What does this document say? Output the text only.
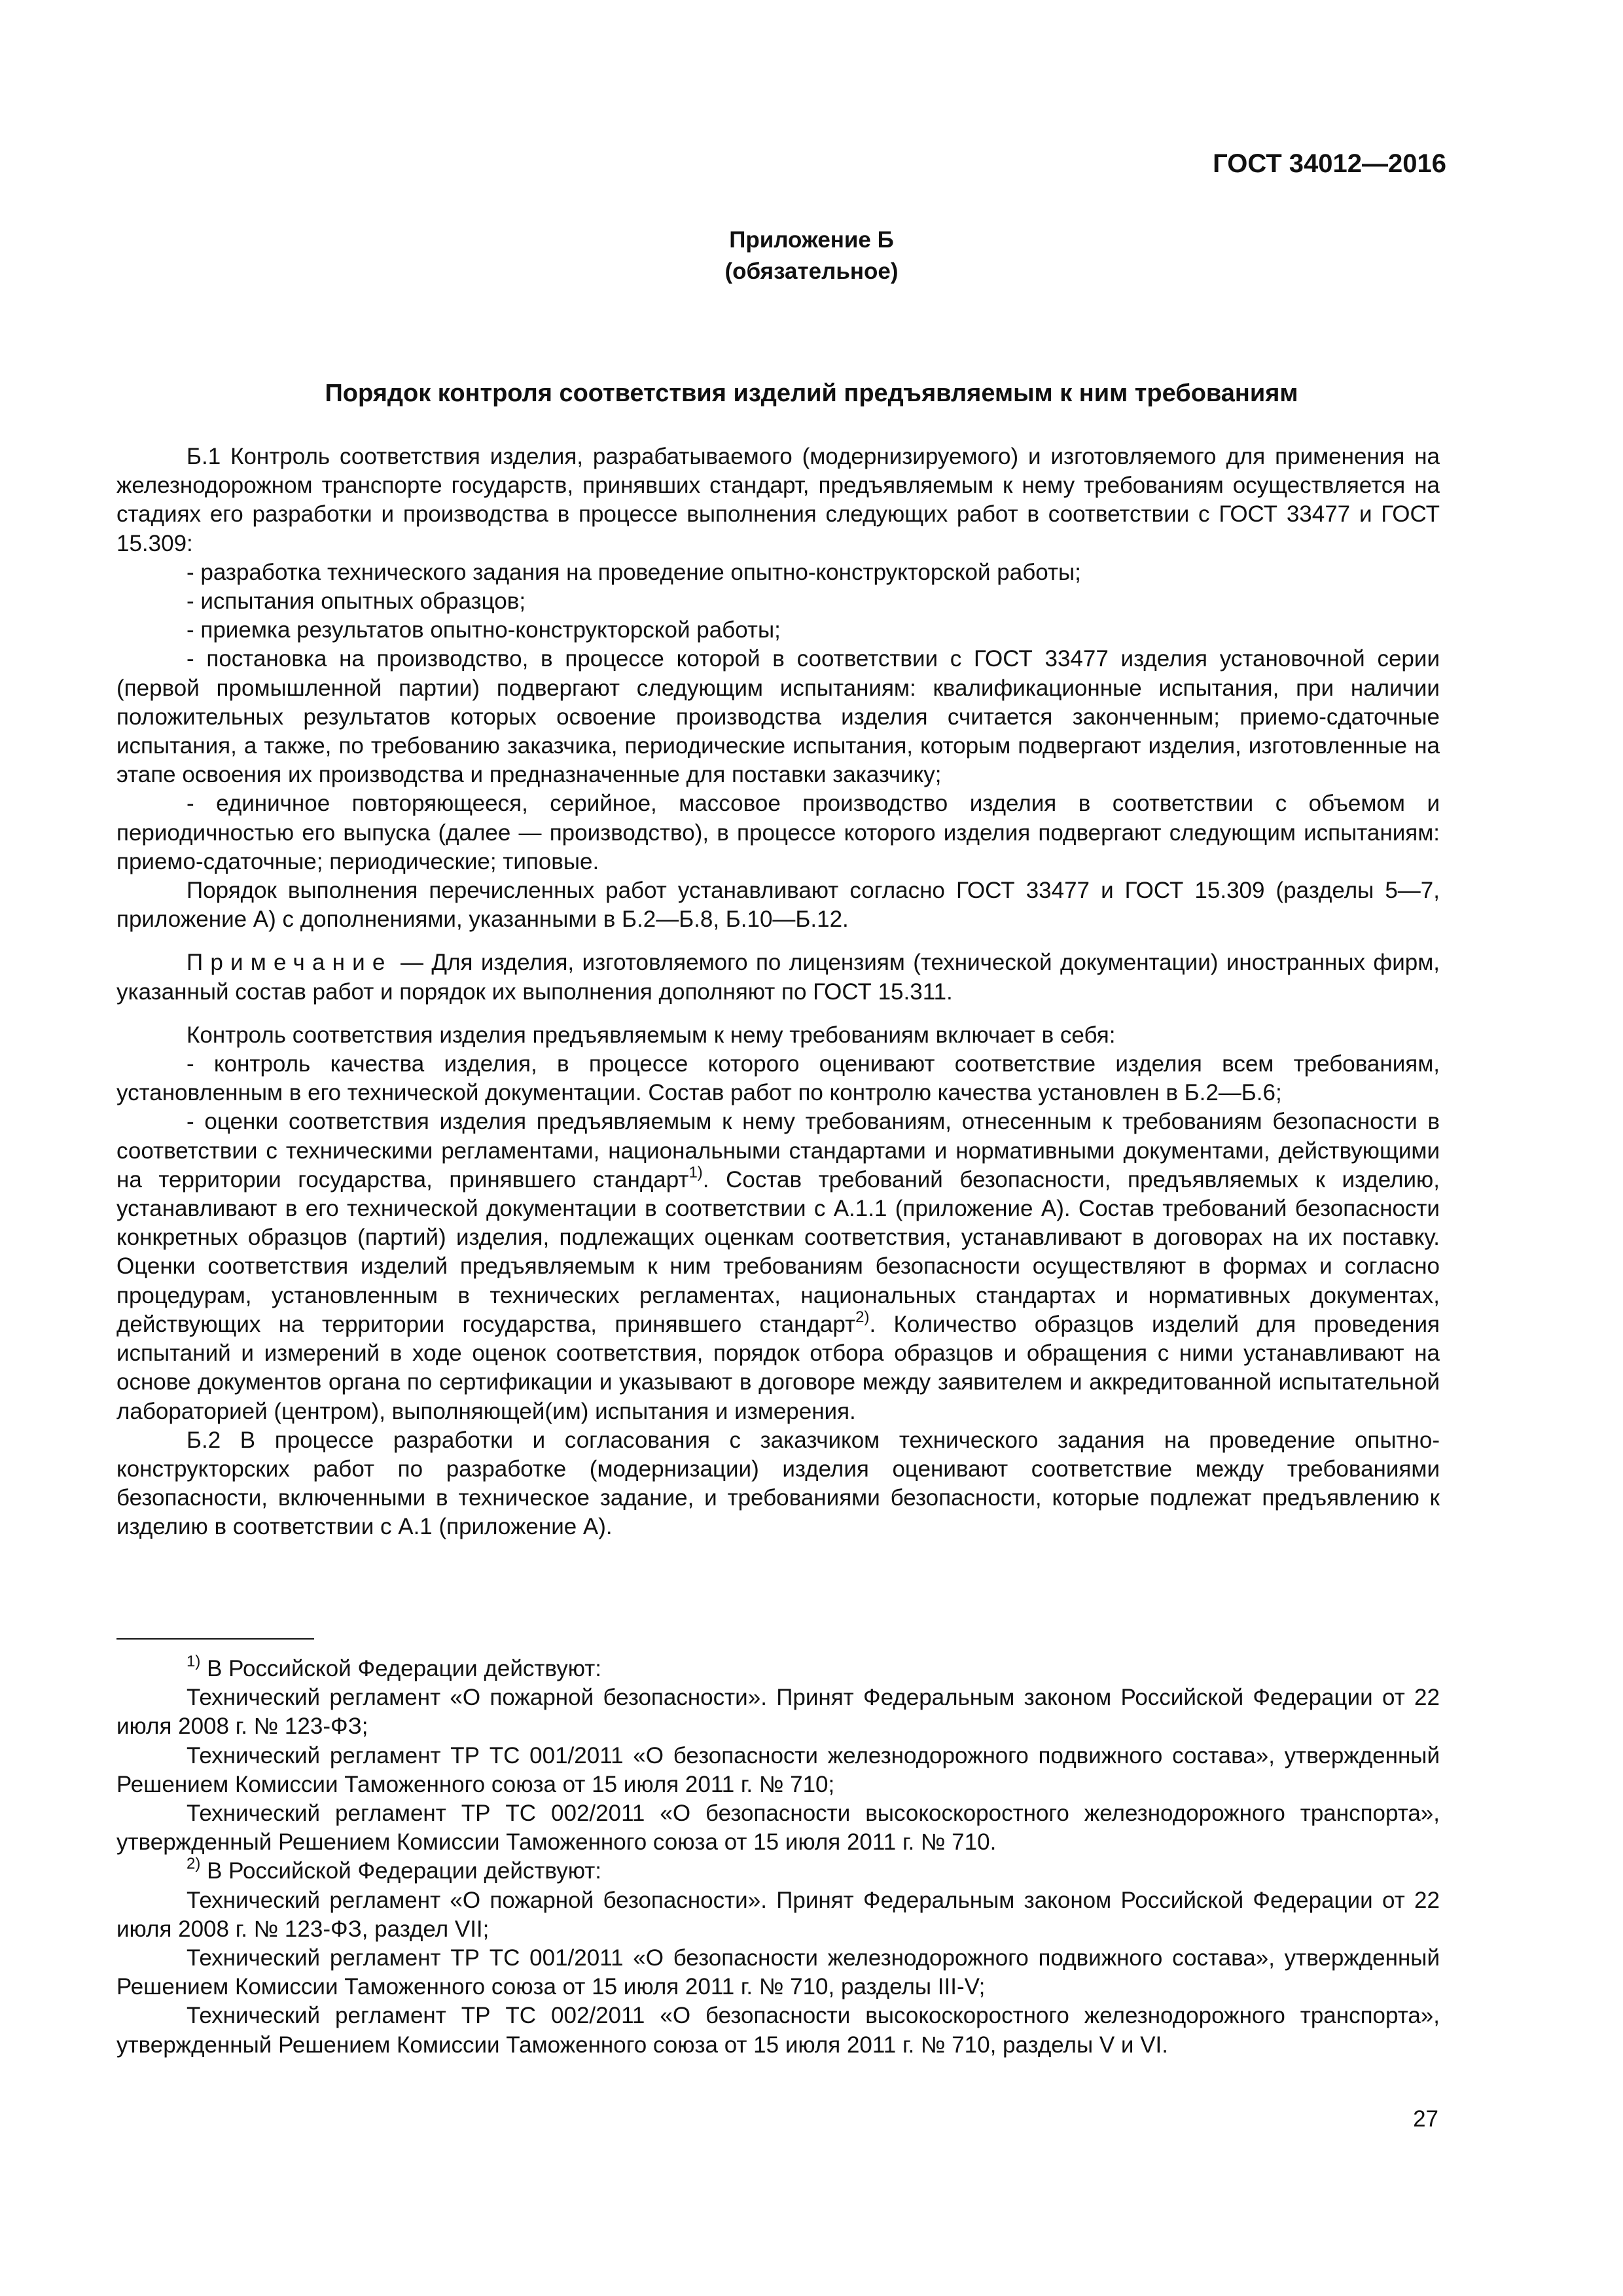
ГОСТ 34012—2016
Приложение Б
(обязательное)
Порядок контроля соответствия изделий предъявляемым к ним требованиям

Б.1 Контроль соответствия изделия, разрабатываемого (модернизируемого) и изготовляемого для применения на железнодорожном транспорте государств, принявших стандарт, предъявляемым к нему требованиям осуществляется на стадиях его разработки и производства в процессе выполнения следующих работ в соответствии с ГОСТ 33477 и ГОСТ 15.309:

- разработка технического задания на проведение опытно-конструкторской работы;

- испытания опытных образцов;

- приемка результатов опытно-конструкторской работы;

- постановка на производство, в процессе которой в соответствии с ГОСТ 33477 изделия установочной серии (первой промышленной партии) подвергают следующим испытаниям: квалификационные испытания, при наличии положительных результатов которых освоение производства изделия считается законченным; приемо-сдаточные испытания, а также, по требованию заказчика, периодические испытания, которым подвергают изделия, изготовленные на этапе освоения их производства и предназначенные для поставки заказчику;

- единичное повторяющееся, серийное, массовое производство изделия в соответствии с объемом и периодичностью его выпуска (далее — производство), в процессе которого изделия подвергают следующим испытаниям: приемо-сдаточные; периодические; типовые.

Порядок выполнения перечисленных работ устанавливают согласно ГОСТ 33477 и ГОСТ 15.309 (разделы 5—7, приложение А) с дополнениями, указанными в Б.2—Б.8, Б.10—Б.12.

Примечание — Для изделия, изготовляемого по лицензиям (технической документации) иностранных фирм, указанный состав работ и порядок их выполнения дополняют по ГОСТ 15.311.

Контроль соответствия изделия предъявляемым к нему требованиям включает в себя:

- контроль качества изделия, в процессе которого оценивают соответствие изделия всем требованиям, установленным в его технической документации. Состав работ по контролю качества установлен в Б.2—Б.6;

- оценки соответствия изделия предъявляемым к нему требованиям, отнесенным к требованиям безопасности в соответствии с техническими регламентами, национальными стандартами и нормативными документами, действующими на территории государства, принявшего стандарт$^{1)}$. Состав требований безопасности, предъявляемых к изделию, устанавливают в его технической документации в соответствии с А.1.1 (приложение А). Состав требований безопасности конкретных образцов (партий) изделия, подлежащих оценкам соответствия, устанавливают в договорах на их поставку. Оценки соответствия изделий предъявляемым к ним требованиям безопасности осуществляют в формах и согласно процедурам, установленным в технических регламентах, национальных стандартах и нормативных документах, действующих на территории государства, принявшего стандарт$^{2)}$. Количество образцов изделий для проведения испытаний и измерений в ходе оценок соответствия, порядок отбора образцов и обращения с ними устанавливают на основе документов органа по сертификации и указывают в договоре между заявителем и аккредитованной испытательной лабораторией (центром), выполняющей(им) испытания и измерения.

Б.2 В процессе разработки и согласования с заказчиком технического задания на проведение опытно-конструкторских работ по разработке (модернизации) изделия оценивают соответствие между требованиями безопасности, включенными в техническое задание, и требованиями безопасности, которые подлежат предъявлению к изделию в соответствии с А.1 (приложение А).

$^{1)}$ В Российской Федерации действуют:

Технический регламент «О пожарной безопасности». Принят Федеральным законом Российской Федерации от 22 июля 2008 г. № 123-ФЗ;

Технический регламент ТР ТС 001/2011 «О безопасности железнодорожного подвижного состава», утвержденный Решением Комиссии Таможенного союза от 15 июля 2011 г. № 710;

Технический регламент ТР ТС 002/2011 «О безопасности высокоскоростного железнодорожного транспорта», утвержденный Решением Комиссии Таможенного союза от 15 июля 2011 г. № 710.

$^{2)}$ В Российской Федерации действуют:

Технический регламент «О пожарной безопасности». Принят Федеральным законом Российской Федерации от 22 июля 2008 г. № 123-ФЗ, раздел VII;

Технический регламент ТР ТС 001/2011 «О безопасности железнодорожного подвижного состава», утвержденный Решением Комиссии Таможенного союза от 15 июля 2011 г. № 710, разделы III-V;

Технический регламент ТР ТС 002/2011 «О безопасности высокоскоростного железнодорожного транспорта», утвержденный Решением Комиссии Таможенного союза от 15 июля 2011 г. № 710, разделы V и VI.

27
